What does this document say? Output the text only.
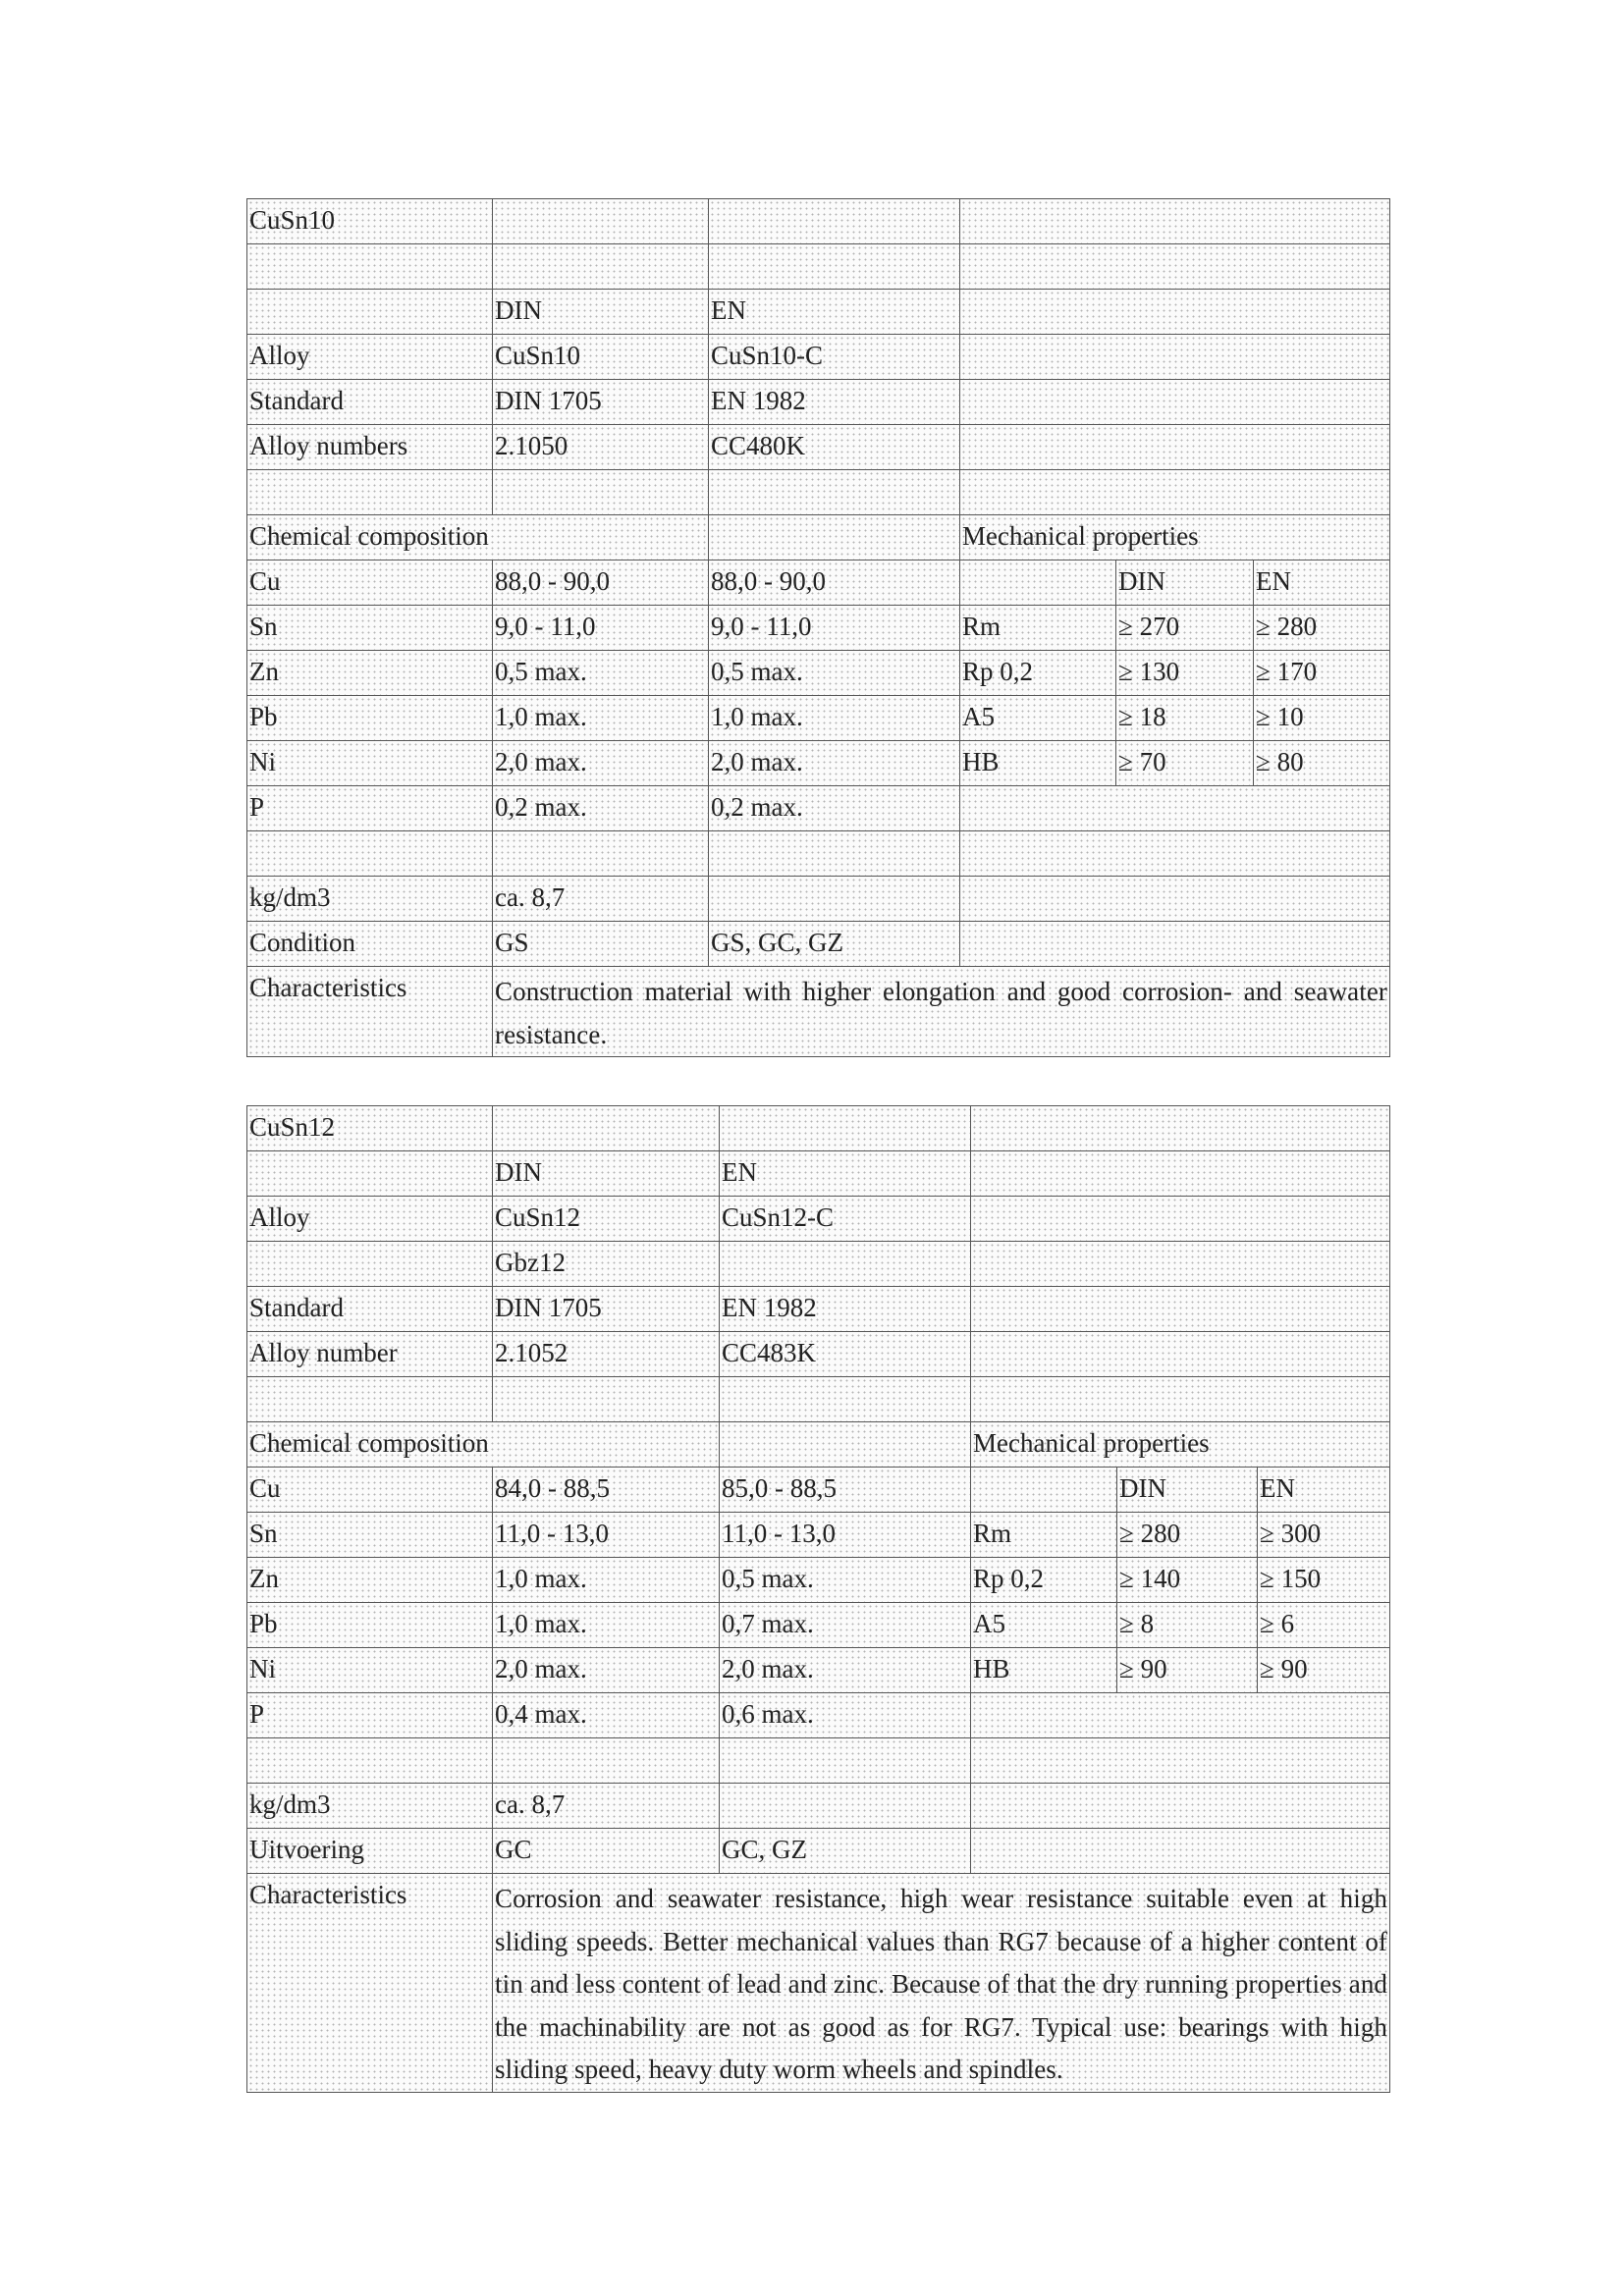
CuSn10					

	DIN	EN			
Alloy	CuSn10	CuSn10-C			
Standard	DIN 1705	EN 1982			
Alloy numbers	2.1050	CC480K			

Chemical composition			Mechanical properties		
Cu	88,0 - 90,0	88,0 - 90,0		DIN	EN
Sn	9,0 - 11,0	9,0 - 11,0	Rm	≥ 270	≥ 280
Zn	0,5 max.	0,5 max.	Rp 0,2	≥ 130	≥ 170
Pb	1,0 max.	1,0 max.	A5	≥ 18	≥ 10
Ni	2,0 max.	2,0 max.	HB	≥ 70	≥ 80
P	0,2 max.	0,2 max.			

kg/dm3	ca. 8,7				
Condition	GS	GS, GC, GZ			
Characteristics	Construction material with higher elongation and good corrosion- and seawater resistance.				
CuSn12					
	DIN	EN			
Alloy	CuSn12	CuSn12-C			
	Gbz12				
Standard	DIN 1705	EN 1982			
Alloy number	2.1052	CC483K			

Chemical composition			Mechanical properties		
Cu	84,0 - 88,5	85,0 - 88,5		DIN	EN
Sn	11,0 - 13,0	11,0 - 13,0	Rm	≥ 280	≥ 300
Zn	1,0 max.	0,5 max.	Rp 0,2	≥ 140	≥ 150
Pb	1,0 max.	0,7 max.	A5	≥ 8	≥ 6
Ni	2,0 max.	2,0 max.	HB	≥ 90	≥ 90
P	0,4 max.	0,6 max.			

kg/dm3	ca. 8,7				
Uitvoering	GC	GC, GZ			
Characteristics	Corrosion and seawater resistance, high wear resistance suitable even at high sliding speeds. Better mechanical values than RG7 because of a higher content of tin and less content of lead and zinc. Because of that the dry running properties and the machinability are not as good as for RG7. Typical use: bearings with high sliding speed, heavy duty worm wheels and spindles.				
